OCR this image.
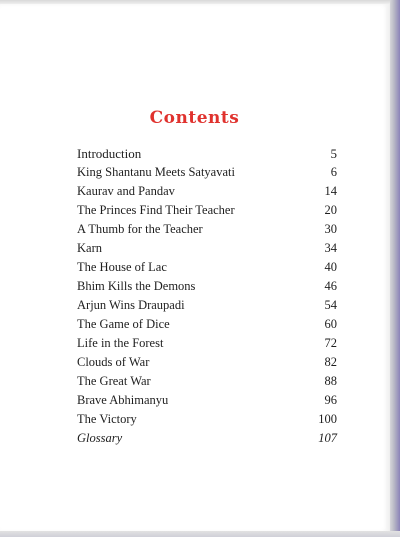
Contents
Introduction	5
King Shantanu Meets Satyavati	6
Kaurav and Pandav	14
The Princes Find Their Teacher	20
A Thumb for the Teacher	30
Karn	34
The House of Lac	40
Bhim Kills the Demons	46
Arjun Wins Draupadi	54
The Game of Dice	60
Life in the Forest	72
Clouds of War	82
The Great War	88
Brave Abhimanyu	96
The Victory	100
Glossary	107
